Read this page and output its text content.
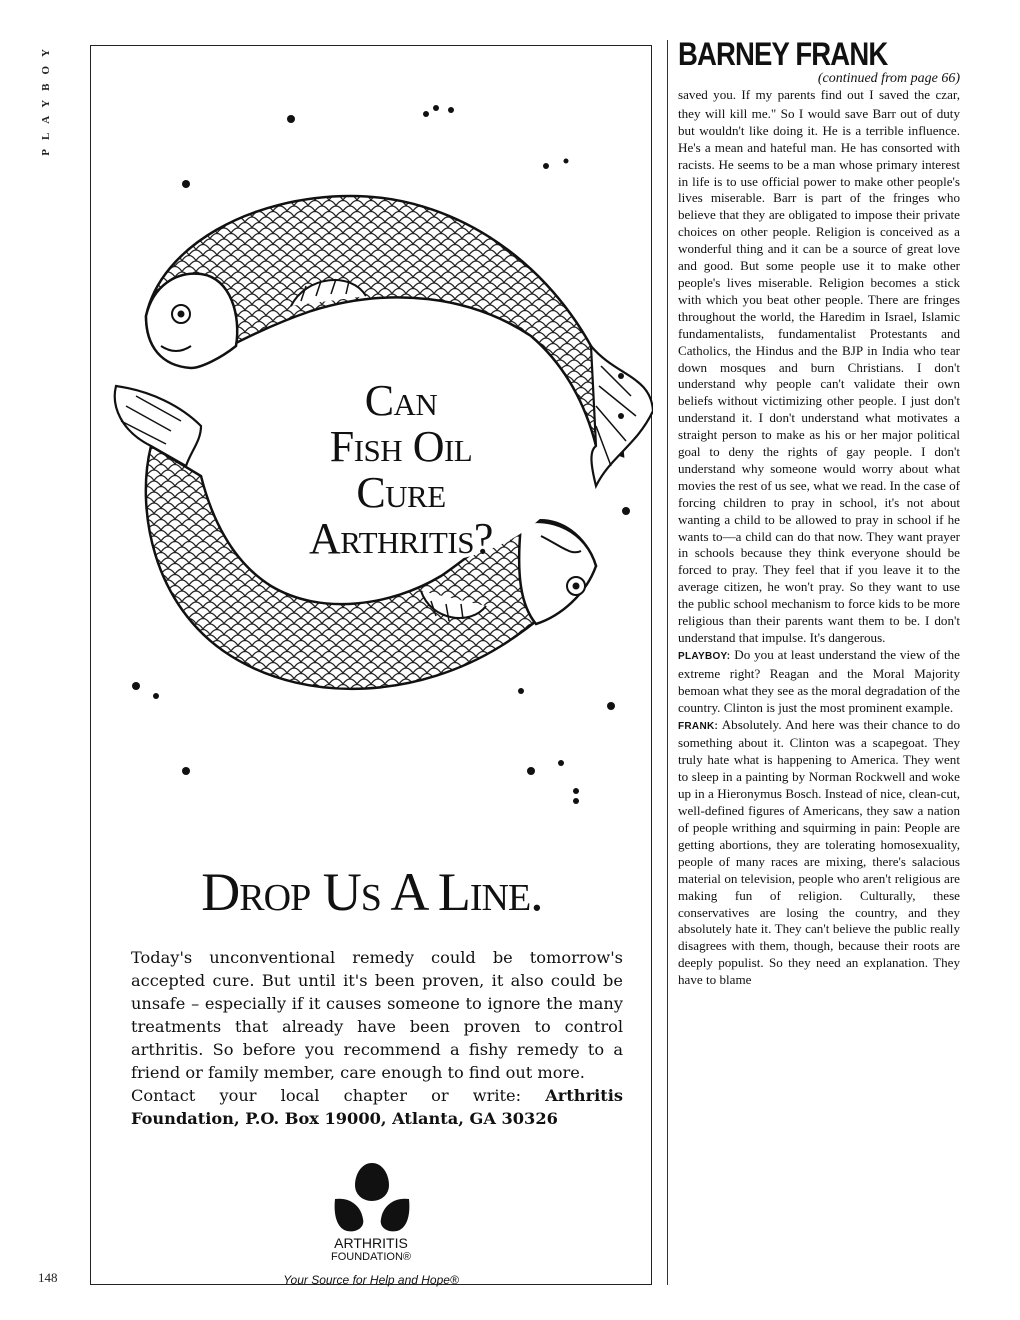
PLAYBOY
148
Can
Fish Oil
Cure
Arthritis?
Drop Us A Line.

Today's unconventional remedy could be tomorrow's accepted cure. But until it's been proven, it also could be unsafe – especially if it causes someone to ignore the many treatments that already have been proven to control arthritis. So before you recommend a fishy remedy to a friend or family member, care enough to find out more.

Contact your local chapter or write: Arthritis Foundation, P.O. Box 19000, Atlanta, GA 30326

ARTHRITIS
FOUNDATION®
Your Source for Help and Hope®
BARNEY FRANK
(continued from page 66)

saved you. If my parents find out I saved the czar, they will kill me." So I would save Barr out of duty but wouldn't like doing it. He is a terrible influence. He's a mean and hateful man. He has consorted with racists. He seems to be a man whose primary interest in life is to use official power to make other people's lives miserable. Barr is part of the fringes who believe that they are obligated to impose their private choices on other people. Religion is conceived as a wonderful thing and it can be a source of great love and good. But some people use it to make other people's lives miserable. Religion becomes a stick with which you beat other people. There are fringes throughout the world, the Haredim in Israel, Islamic fundamentalists, fundamentalist Protestants and Catholics, the Hindus and the BJP in India who tear down mosques and burn Christians. I don't understand why people can't validate their own beliefs without victimizing other people. I just don't understand it. I don't understand what motivates a straight person to make as his or her major political goal to deny the rights of gay people. I don't understand why someone would worry about what movies the rest of us see, what we read. In the case of forcing children to pray in school, it's not about wanting a child to be allowed to pray in school if he wants to—a child can do that now. They want prayer in schools because they think everyone should be forced to pray. They feel that if you leave it to the average citizen, he won't pray. So they want to use the public school mechanism to force kids to be more religious than their parents want them to be. I don't understand that impulse. It's dangerous.

PLAYBOY: Do you at least understand the view of the extreme right? Reagan and the Moral Majority bemoan what they see as the moral degradation of the country. Clinton is just the most prominent example.

FRANK: Absolutely. And here was their chance to do something about it. Clinton was a scapegoat. They truly hate what is happening to America. They went to sleep in a painting by Norman Rockwell and woke up in a Hieronymus Bosch. Instead of nice, clean-cut, well-defined figures of Americans, they saw a nation of people writhing and squirming in pain: People are getting abortions, they are tolerating homosexuality, people of many races are mixing, there's salacious material on television, people who aren't religious are making fun of religion. Culturally, these conservatives are losing the country, and they absolutely hate it. They can't believe the public really disagrees with them, though, because their roots are deeply populist. So they need an explanation. They have to blame
